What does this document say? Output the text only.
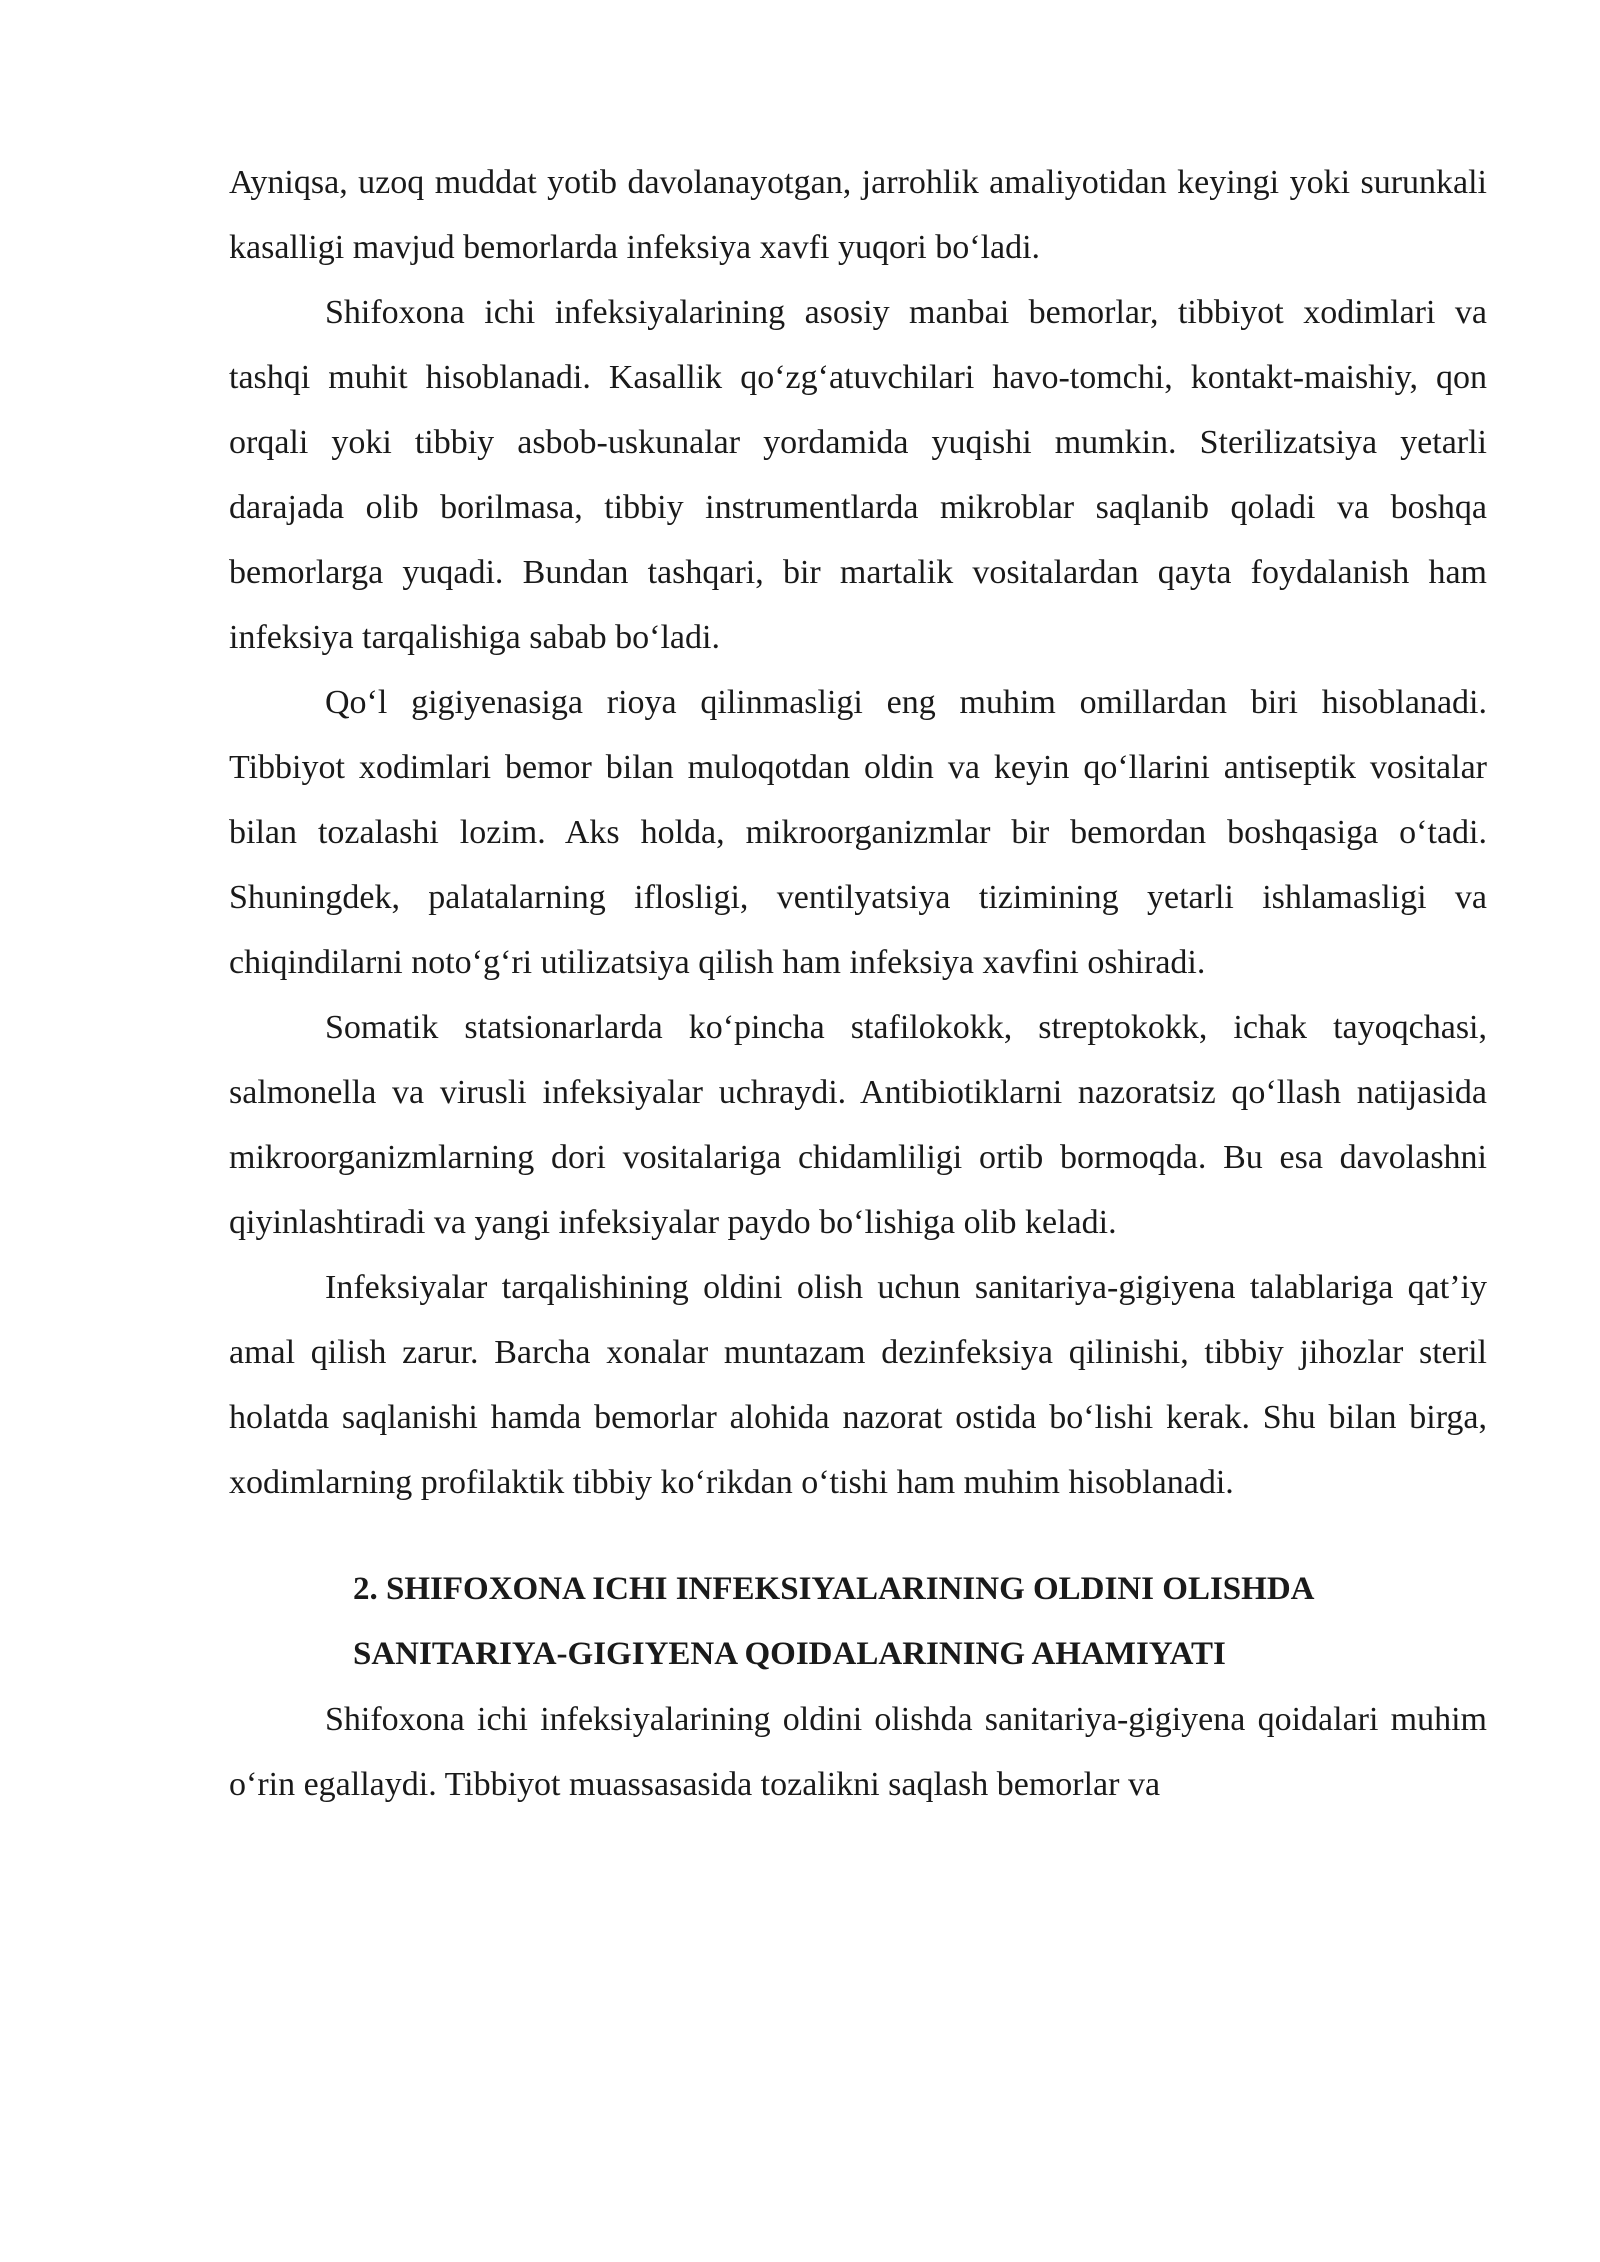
Ayniqsa, uzoq muddat yotib davolanayotgan, jarrohlik amaliyotidan keyingi yoki surunkali kasalligi mavjud bemorlarda infeksiya xavfi yuqori bo‘ladi.

Shifoxona ichi infeksiyalarining asosiy manbai bemorlar, tibbiyot xodimlari va tashqi muhit hisoblanadi. Kasallik qo‘zg‘atuvchilari havo-tomchi, kontakt-maishiy, qon orqali yoki tibbiy asbob-uskunalar yordamida yuqishi mumkin. Sterilizatsiya yetarli darajada olib borilmasa, tibbiy instrumentlarda mikroblar saqlanib qoladi va boshqa bemorlarga yuqadi. Bundan tashqari, bir martalik vositalardan qayta foydalanish ham infeksiya tarqalishiga sabab bo‘ladi.

Qo‘l gigiyenasiga rioya qilinmasligi eng muhim omillardan biri hisoblanadi. Tibbiyot xodimlari bemor bilan muloqotdan oldin va keyin qo‘llarini antiseptik vositalar bilan tozalashi lozim. Aks holda, mikroorganizmlar bir bemordan boshqasiga o‘tadi. Shuningdek, palatalarning iflosligi, ventilyatsiya tizimining yetarli ishlamasligi va chiqindilarni noto‘g‘ri utilizatsiya qilish ham infeksiya xavfini oshiradi.

Somatik statsionarlarda ko‘pincha stafilokokk, streptokokk, ichak tayoqchasi, salmonella va virusli infeksiyalar uchraydi. Antibiotiklarni nazoratsiz qo‘llash natijasida mikroorganizmlarning dori vositalariga chidamliligi ortib bormoqda. Bu esa davolashni qiyinlashtiradi va yangi infeksiyalar paydo bo‘lishiga olib keladi.

Infeksiyalar tarqalishining oldini olish uchun sanitariya-gigiyena talablariga qat’iy amal qilish zarur. Barcha xonalar muntazam dezinfeksiya qilinishi, tibbiy jihozlar steril holatda saqlanishi hamda bemorlar alohida nazorat ostida bo‘lishi kerak. Shu bilan birga, xodimlarning profilaktik tibbiy ko‘rikdan o‘tishi ham muhim hisoblanadi.

2. SHIFOXONA ICHI INFEKSIYALARINING OLDINI OLISHDA
SANITARIYA-GIGIYENA QOIDALARINING AHAMIYATI

Shifoxona ichi infeksiyalarining oldini olishda sanitariya-gigiyena qoidalari muhim o‘rin egallaydi. Tibbiyot muassasasida tozalikni saqlash bemorlar va
